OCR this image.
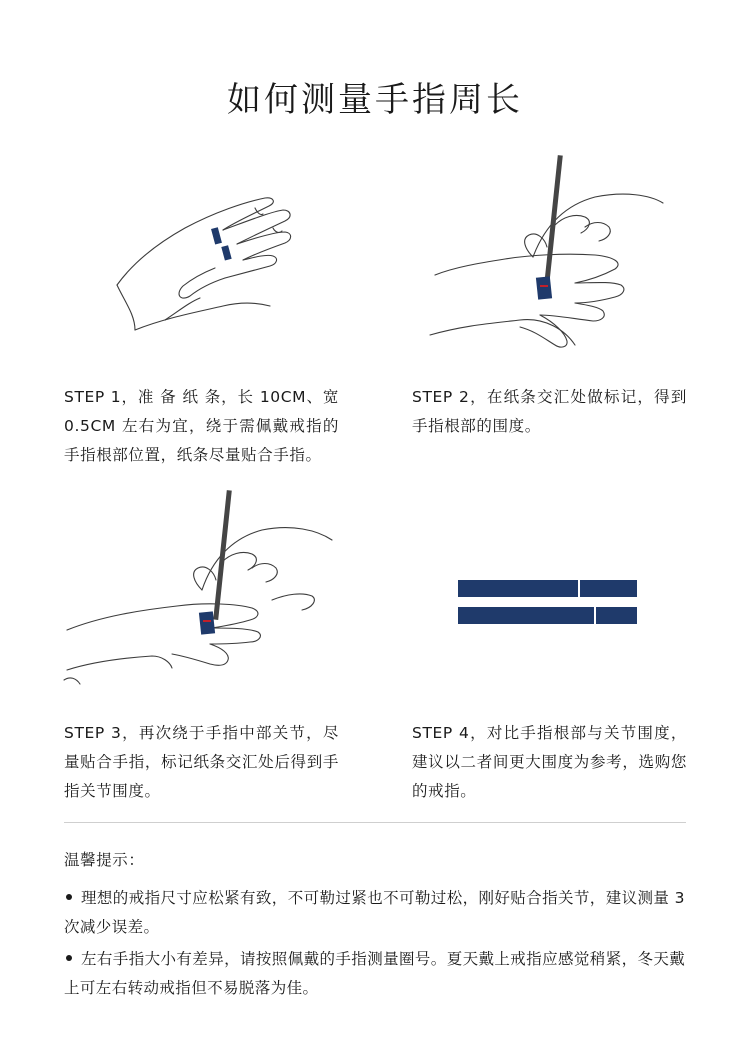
如何测量手指周长
STEP 1，准 备 纸 条，长 10CM、宽 0.5CM 左右为宜，绕于需佩戴戒指的手指根部位置，纸条尽量贴合手指。
STEP 2，在纸条交汇处做标记，得到手指根部的围度。
STEP 3，再次绕于手指中部关节，尽量贴合手指，标记纸条交汇处后得到手指关节围度。
STEP 4，对比手指根部与关节围度，建议以二者间更大围度为参考，选购您的戒指。
温馨提示：
理想的戒指尺寸应松紧有致，不可勒过紧也不可勒过松，刚好贴合指关节，建议测量 3 次减少误差。
左右手指大小有差异，请按照佩戴的手指测量圈号。夏天戴上戒指应感觉稍紧，冬天戴上可左右转动戒指但不易脱落为佳。
